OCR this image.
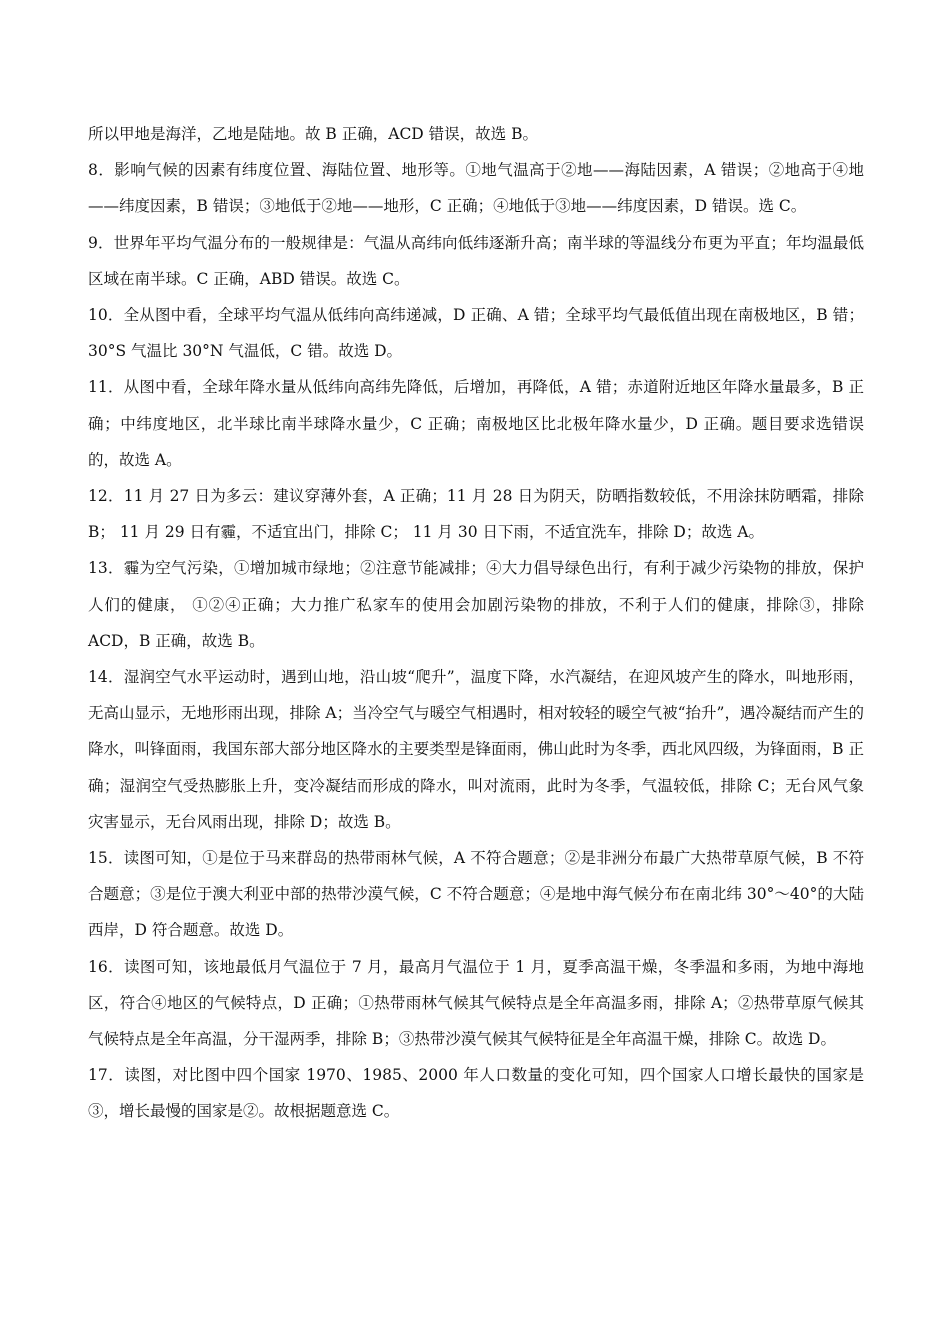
所以甲地是海洋，乙地是陆地。故 B 正确，ACD 错误，故选 B。

8．影响气候的因素有纬度位置、海陆位置、地形等。①地气温高于②地——海陆因素，A 错误；②地高于④地——纬度因素，B 错误；③地低于②地——地形，C 正确；④地低于③地——纬度因素，D 错误。选 C。

9．世界年平均气温分布的一般规律是：气温从高纬向低纬逐渐升高；南半球的等温线分布更为平直；年均温最低区域在南半球。C 正确，ABD 错误。故选 C。

10．全从图中看，全球平均气温从低纬向高纬递减，D 正确、A 错；全球平均气最低值出现在南极地区，B 错；30°S 气温比 30°N 气温低，C 错。故选 D。

11．从图中看，全球年降水量从低纬向高纬先降低，后增加，再降低，A 错；赤道附近地区年降水量最多，B 正确；中纬度地区，北半球比南半球降水量少，C 正确；南极地区比北极年降水量少，D 正确。题目要求选错误的，故选 A。

12．11 月 27 日为多云：建议穿薄外套，A 正确；11 月 28 日为阴天，防晒指数较低，不用涂抹防晒霜，排除 B； 11 月 29 日有霾，不适宜出门，排除 C； 11 月 30 日下雨，不适宜洗车，排除 D；故选 A。

13．霾为空气污染，①增加城市绿地；②注意节能减排；④大力倡导绿色出行，有利于减少污染物的排放，保护人们的健康， ①②④正确；大力推广私家车的使用会加剧污染物的排放，不利于人们的健康，排除③，排除 ACD，B 正确，故选 B。

14．湿润空气水平运动时，遇到山地，沿山坡“爬升”，温度下降，水汽凝结，在迎风坡产生的降水，叫地形雨，无高山显示，无地形雨出现，排除 A；当冷空气与暖空气相遇时，相对较轻的暖空气被“抬升”，遇冷凝结而产生的降水，叫锋面雨，我国东部大部分地区降水的主要类型是锋面雨，佛山此时为冬季，西北风四级，为锋面雨，B 正确；湿润空气受热膨胀上升，变冷凝结而形成的降水，叫对流雨，此时为冬季，气温较低，排除 C；无台风气象灾害显示，无台风雨出现，排除 D；故选 B。

15．读图可知，①是位于马来群岛的热带雨林气候，A 不符合题意；②是非洲分布最广大热带草原气候，B 不符合题意；③是位于澳大利亚中部的热带沙漠气候，C 不符合题意；④是地中海气候分布在南北纬 30°～40°的大陆西岸，D 符合题意。故选 D。

16．读图可知，该地最低月气温位于 7 月，最高月气温位于 1 月，夏季高温干燥，冬季温和多雨，为地中海地区，符合④地区的气候特点，D 正确；①热带雨林气候其气候特点是全年高温多雨，排除 A；②热带草原气候其气候特点是全年高温，分干湿两季，排除 B；③热带沙漠气候其气候特征是全年高温干燥，排除 C。故选 D。

17．读图，对比图中四个国家 1970、1985、2000 年人口数量的变化可知，四个国家人口增长最快的国家是③，增长最慢的国家是②。故根据题意选 C。
